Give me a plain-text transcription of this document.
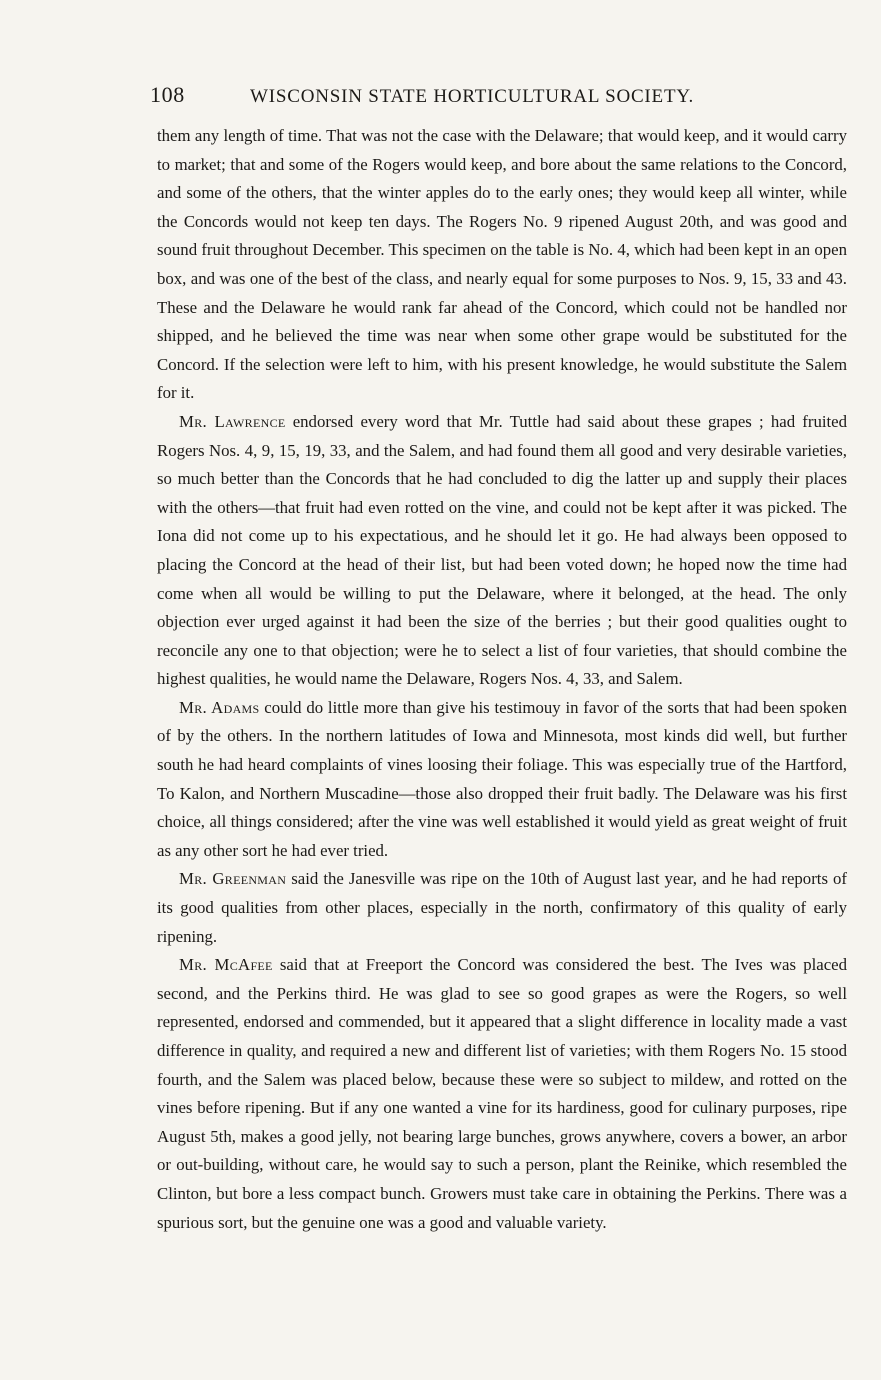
108	WISCONSIN STATE HORTICULTURAL SOCIETY.

them any length of time. That was not the case with the Delaware; that would keep, and it would carry to market; that and some of the Rogers would keep, and bore about the same relations to the Concord, and some of the others, that the winter apples do to the early ones; they would keep all winter, while the Concords would not keep ten days. The Rogers No. 9 ripened August 20th, and was good and sound fruit throughout December. This specimen on the table is No. 4, which had been kept in an open box, and was one of the best of the class, and nearly equal for some purposes to Nos. 9, 15, 33 and 43. These and the Delaware he would rank far ahead of the Concord, which could not be handled nor shipped, and he believed the time was near when some other grape would be substituted for the Concord. If the selection were left to him, with his present knowledge, he would substitute the Salem for it.

Mr. Lawrence endorsed every word that Mr. Tuttle had said about these grapes ; had fruited Rogers Nos. 4, 9, 15, 19, 33, and the Salem, and had found them all good and very desirable varieties, so much better than the Concords that he had concluded to dig the latter up and supply their places with the others—that fruit had even rotted on the vine, and could not be kept after it was picked. The Iona did not come up to his expectatious, and he should let it go. He had always been opposed to placing the Concord at the head of their list, but had been voted down; he hoped now the time had come when all would be willing to put the Delaware, where it belonged, at the head. The only objection ever urged against it had been the size of the berries ; but their good qualities ought to reconcile any one to that objection; were he to select a list of four varieties, that should combine the highest qualities, he would name the Delaware, Rogers Nos. 4, 33, and Salem.

Mr. Adams could do little more than give his testimouy in favor of the sorts that had been spoken of by the others. In the northern latitudes of Iowa and Minnesota, most kinds did well, but further south he had heard complaints of vines loosing their foliage. This was especially true of the Hartford, To Kalon, and Northern Muscadine—those also dropped their fruit badly. The Delaware was his first choice, all things considered; after the vine was well established it would yield as great weight of fruit as any other sort he had ever tried.

Mr. Greenman said the Janesville was ripe on the 10th of August last year, and he had reports of its good qualities from other places, especially in the north, confirmatory of this quality of early ripening.

Mr. McAfee said that at Freeport the Concord was considered the best. The Ives was placed second, and the Perkins third. He was glad to see so good grapes as were the Rogers, so well represented, endorsed and commended, but it appeared that a slight difference in locality made a vast difference in quality, and required a new and different list of varieties; with them Rogers No. 15 stood fourth, and the Salem was placed below, because these were so subject to mildew, and rotted on the vines before ripening. But if any one wanted a vine for its hardiness, good for culinary purposes, ripe August 5th, makes a good jelly, not bearing large bunches, grows anywhere, covers a bower, an arbor or out-building, without care, he would say to such a person, plant the Reinike, which resembled the Clinton, but bore a less compact bunch. Growers must take care in obtaining the Perkins. There was a spurious sort, but the genuine one was a good and valuable variety.
